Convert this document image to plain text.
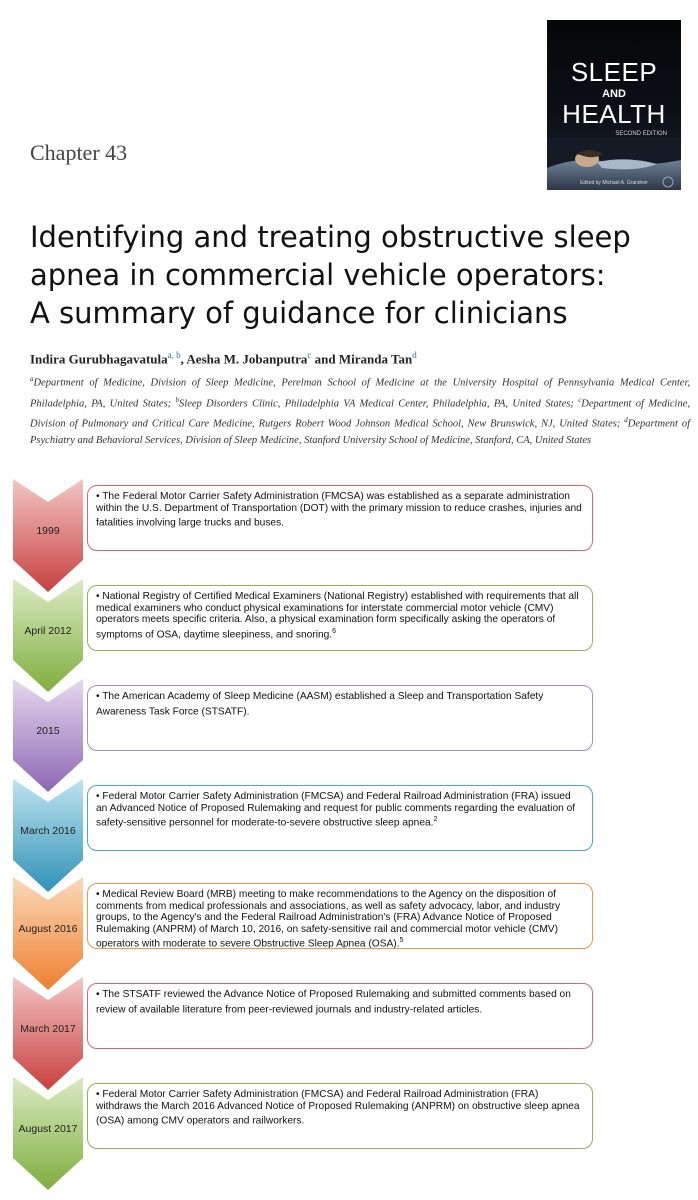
Chapter 43
SLEEP
AND
HEALTH
SECOND EDITION
Edited by Michael A. Grandner
Identifying and treating obstructive sleep
apnea in commercial vehicle operators:
A summary of guidance for clinicians
Indira Gurubhagavatula$^{a, b}$, Aesha M. Jobanputra$^c$ and Miranda Tan$^d$
$^a$Department of Medicine, Division of Sleep Medicine, Perelman School of Medicine at the University Hospital of Pennsylvania Medical Center, Philadelphia, PA, United States; $^b$Sleep Disorders Clinic, Philadelphia VA Medical Center, Philadelphia, PA, United States; $^c$Department of Medicine, Division of Pulmonary and Critical Care Medicine, Rutgers Robert Wood Johnson Medical School, New Brunswick, NJ, United States; $^d$Department of Psychiatry and Behavioral Services, Division of Sleep Medicine, Stanford University School of Medicine, Stanford, CA, United States
1999
• The Federal Motor Carrier Safety Administration (FMCSA) was established as a separate administration within the U.S. Department of Transportation (DOT) with the primary mission to reduce crashes, injuries and fatalities involving large trucks and buses.
April 2012
• National Registry of Certified Medical Examiners (National Registry) established with requirements that all medical examiners who conduct physical examinations for interstate commercial motor vehicle (CMV) operators meets specific criteria. Also, a physical examination form specifically asking the operators of symptoms of OSA, daytime sleepiness, and snoring.$^6$
2015
• The American Academy of Sleep Medicine (AASM) established a Sleep and Transportation Safety Awareness Task Force (STSATF).
March 2016
• Federal Motor Carrier Safety Administration (FMCSA) and Federal Railroad Administration (FRA) issued an Advanced Notice of Proposed Rulemaking and request for public comments regarding the evaluation of safety-sensitive personnel for moderate-to-severe obstructive sleep apnea.$^2$
August 2016
• Medical Review Board (MRB) meeting to make recommendations to the Agency on the disposition of comments from medical professionals and associations, as well as safety advocacy, labor, and industry groups, to the Agency's and the Federal Railroad Administration's (FRA) Advance Notice of Proposed Rulemaking (ANPRM) of March 10, 2016, on safety-sensitive rail and commercial motor vehicle (CMV) operators with moderate to severe Obstructive Sleep Apnea (OSA).$^5$
March 2017
• The STSATF reviewed the Advance Notice of Proposed Rulemaking and submitted comments based on review of available literature from peer-reviewed journals and industry-related articles.
August 2017
• Federal Motor Carrier Safety Administration (FMCSA) and Federal Railroad Administration (FRA) withdraws the March 2016 Advanced Notice of Proposed Rulemaking (ANPRM) on obstructive sleep apnea (OSA) among CMV operators and railworkers.
